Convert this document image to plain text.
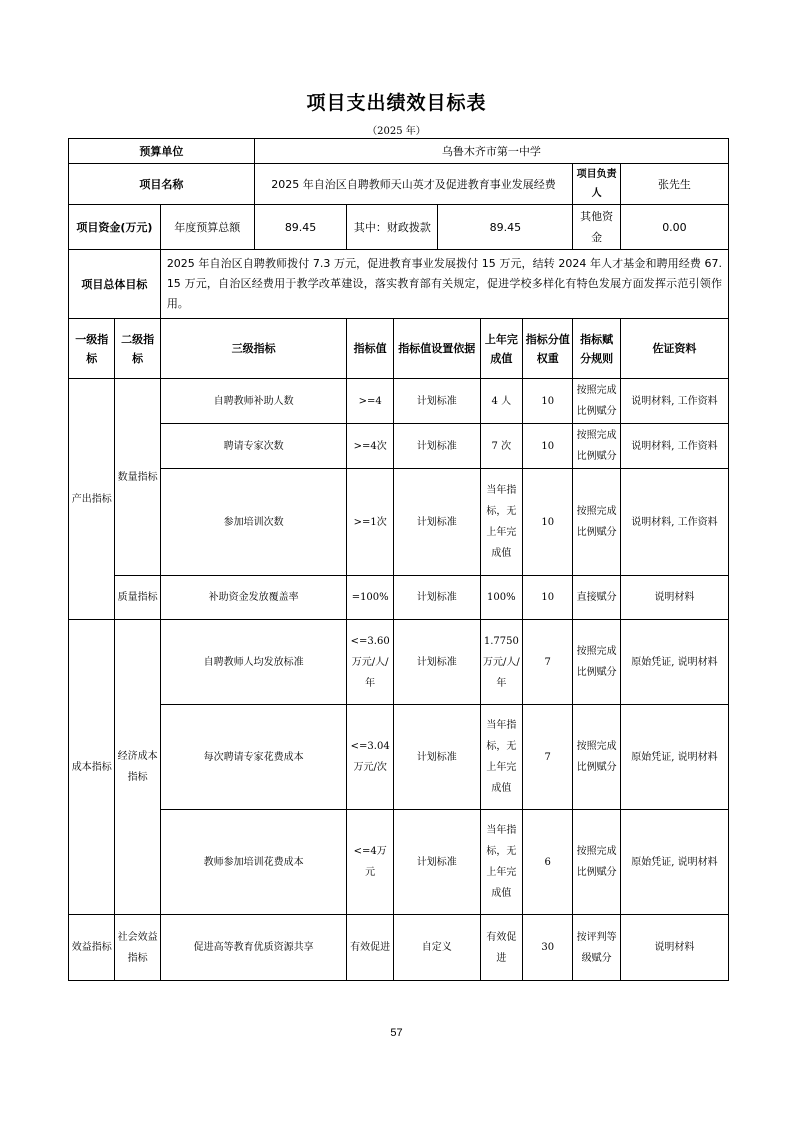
项目支出绩效目标表
（2025 年）
预算单位			乌鲁木齐市第一中学							
项目名称			2025 年自治区自聘教师天山英才及促进教育事业发展经费						项目负责人	张先生
项目资金(万元)		年度预算总额	89.45	其中：财政拨款		89.45			其他资金	0.00
项目总体目标		2025 年自治区自聘教师拨付 7.3 万元，促进教育事业发展拨付 15 万元，结转 2024 年人才基金和聘用经费 67.15 万元，自治区经费用于教学改革建设，落实教育部有关规定，促进学校多样化有特色发展方面发挥示范引领作用。								
一级指标	二级指标	三级指标		指标值	指标值设置依据		上年完成值	指标分值权重	指标赋分规则	佐证资料
产出指标	数量指标	自聘教师补助人数		>=4	计划标准		4 人	10	按照完成比例赋分	说明材料, 工作资料
		聘请专家次数		>=4次	计划标准		7 次	10	按照完成比例赋分	说明材料, 工作资料
		参加培训次数		>=1次	计划标准		当年指标，无上年完成值	10	按照完成比例赋分	说明材料, 工作资料
	质量指标	补助资金发放覆盖率		=100%	计划标准		100%	10	直接赋分	说明材料
成本指标	经济成本指标	自聘教师人均发放标准		<=3.60万元/人/年	计划标准		1.7750 万元/人/年	7	按照完成比例赋分	原始凭证, 说明材料
		每次聘请专家花费成本		<=3.04万元/次	计划标准		当年指标，无上年完成值	7	按照完成比例赋分	原始凭证, 说明材料
		教师参加培训花费成本		<=4万元	计划标准		当年指标，无上年完成值	6	按照完成比例赋分	原始凭证, 说明材料
效益指标	社会效益指标	促进高等教育优质资源共享		有效促进	自定义		有效促进	30	按评判等级赋分	说明材料
57
